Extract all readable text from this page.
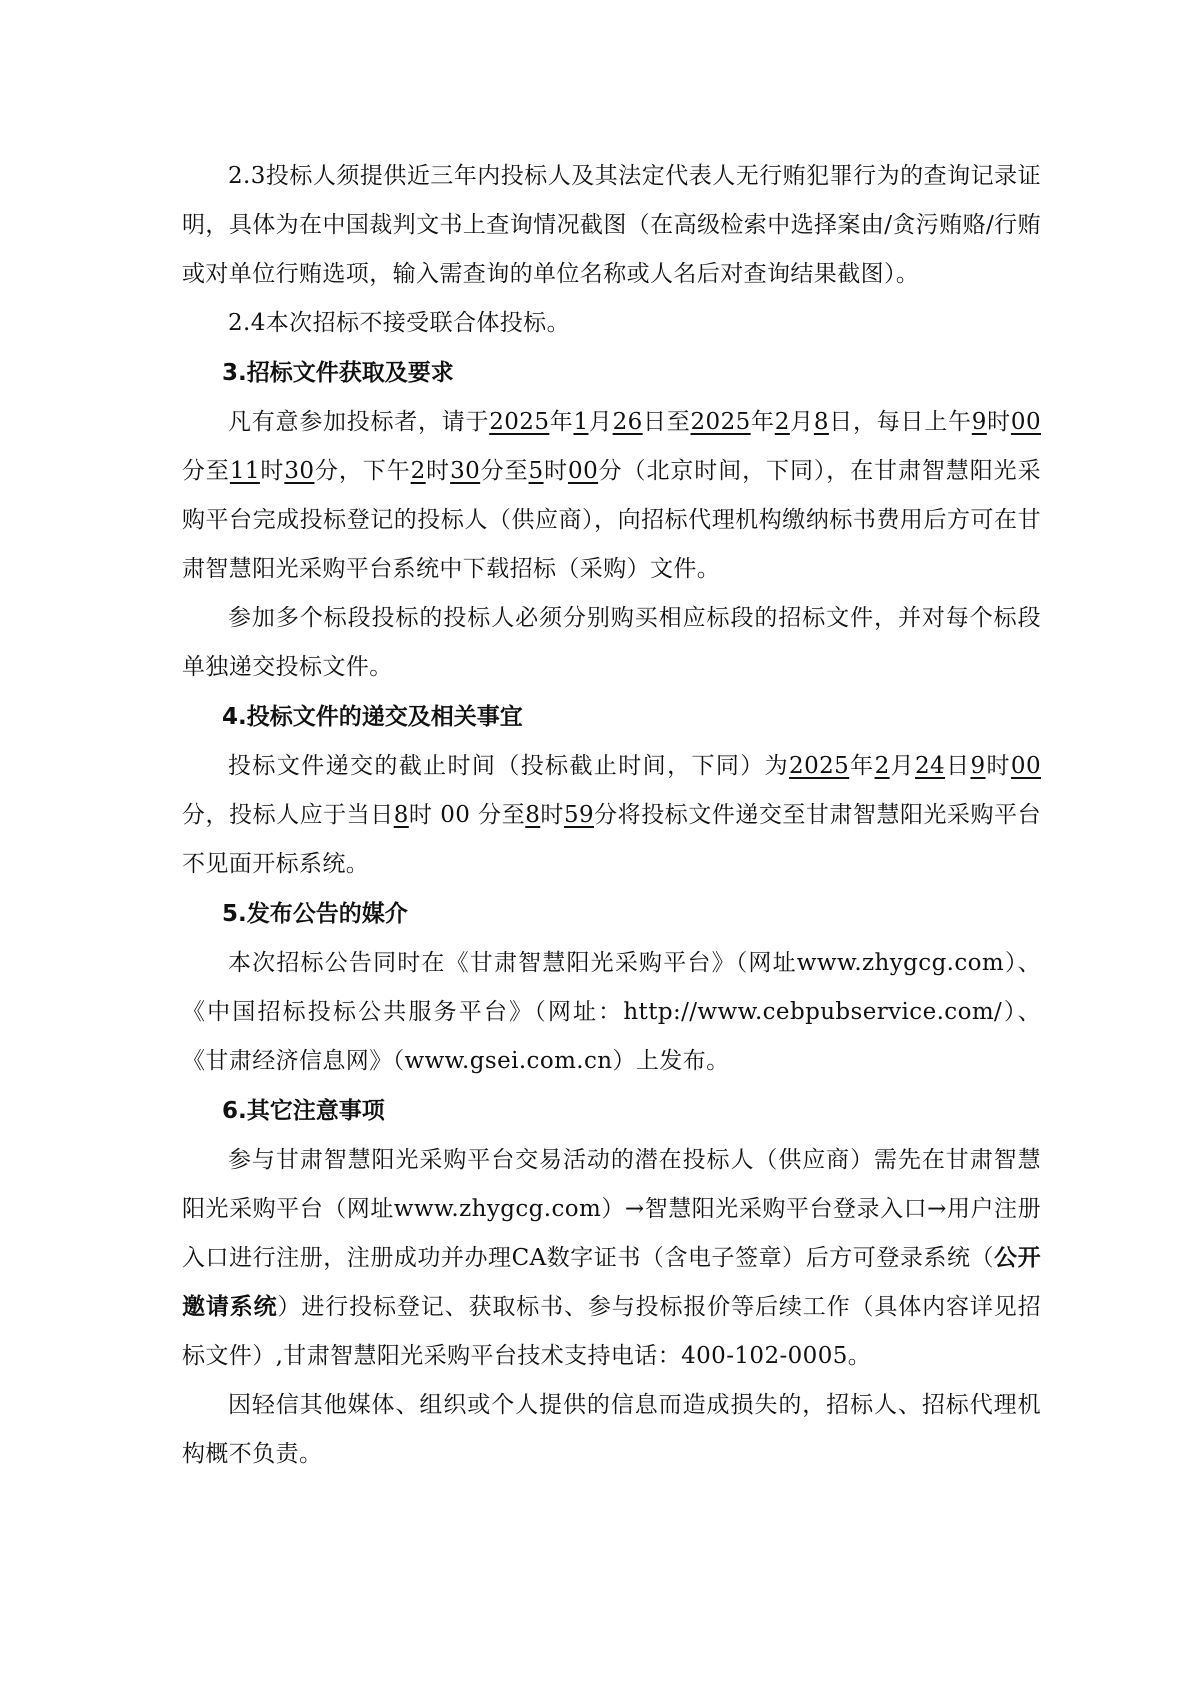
2.3投标人须提供近三年内投标人及其法定代表人无行贿犯罪行为的查询记录证明，具体为在中国裁判文书上查询情况截图（在高级检索中选择案由/贪污贿赂/行贿或对单位行贿选项，输入需查询的单位名称或人名后对查询结果截图）。

2.4本次招标不接受联合体投标。

3.招标文件获取及要求

凡有意参加投标者，请于2025年1月26日至2025年2月8日，每日上午9时00分至11时30分，下午2时30分至5时00分（北京时间，下同），在甘肃智慧阳光采购平台完成投标登记的投标人（供应商），向招标代理机构缴纳标书费用后方可在甘肃智慧阳光采购平台系统中下载招标（采购）文件。

参加多个标段投标的投标人必须分别购买相应标段的招标文件，并对每个标段单独递交投标文件。

4.投标文件的递交及相关事宜

投标文件递交的截止时间（投标截止时间，下同）为2025年2月24日9时00分，投标人应于当日8时 00 分至8时59分将投标文件递交至甘肃智慧阳光采购平台不见面开标系统。

5.发布公告的媒介

本次招标公告同时在《甘肃智慧阳光采购平台》（网址www.zhygcg.com）、《中国招标投标公共服务平台》（网址：http://www.cebpubservice.com/）、《甘肃经济信息网》（www.gsei.com.cn）上发布。

6.其它注意事项

参与甘肃智慧阳光采购平台交易活动的潜在投标人（供应商）需先在甘肃智慧阳光采购平台（网址www.zhygcg.com）→智慧阳光采购平台登录入口→用户注册入口进行注册，注册成功并办理CA数字证书（含电子签章）后方可登录系统（公开邀请系统）进行投标登记、获取标书、参与投标报价等后续工作（具体内容详见招标文件）,甘肃智慧阳光采购平台技术支持电话：400-102-0005。

因轻信其他媒体、组织或个人提供的信息而造成损失的，招标人、招标代理机构概不负责。
